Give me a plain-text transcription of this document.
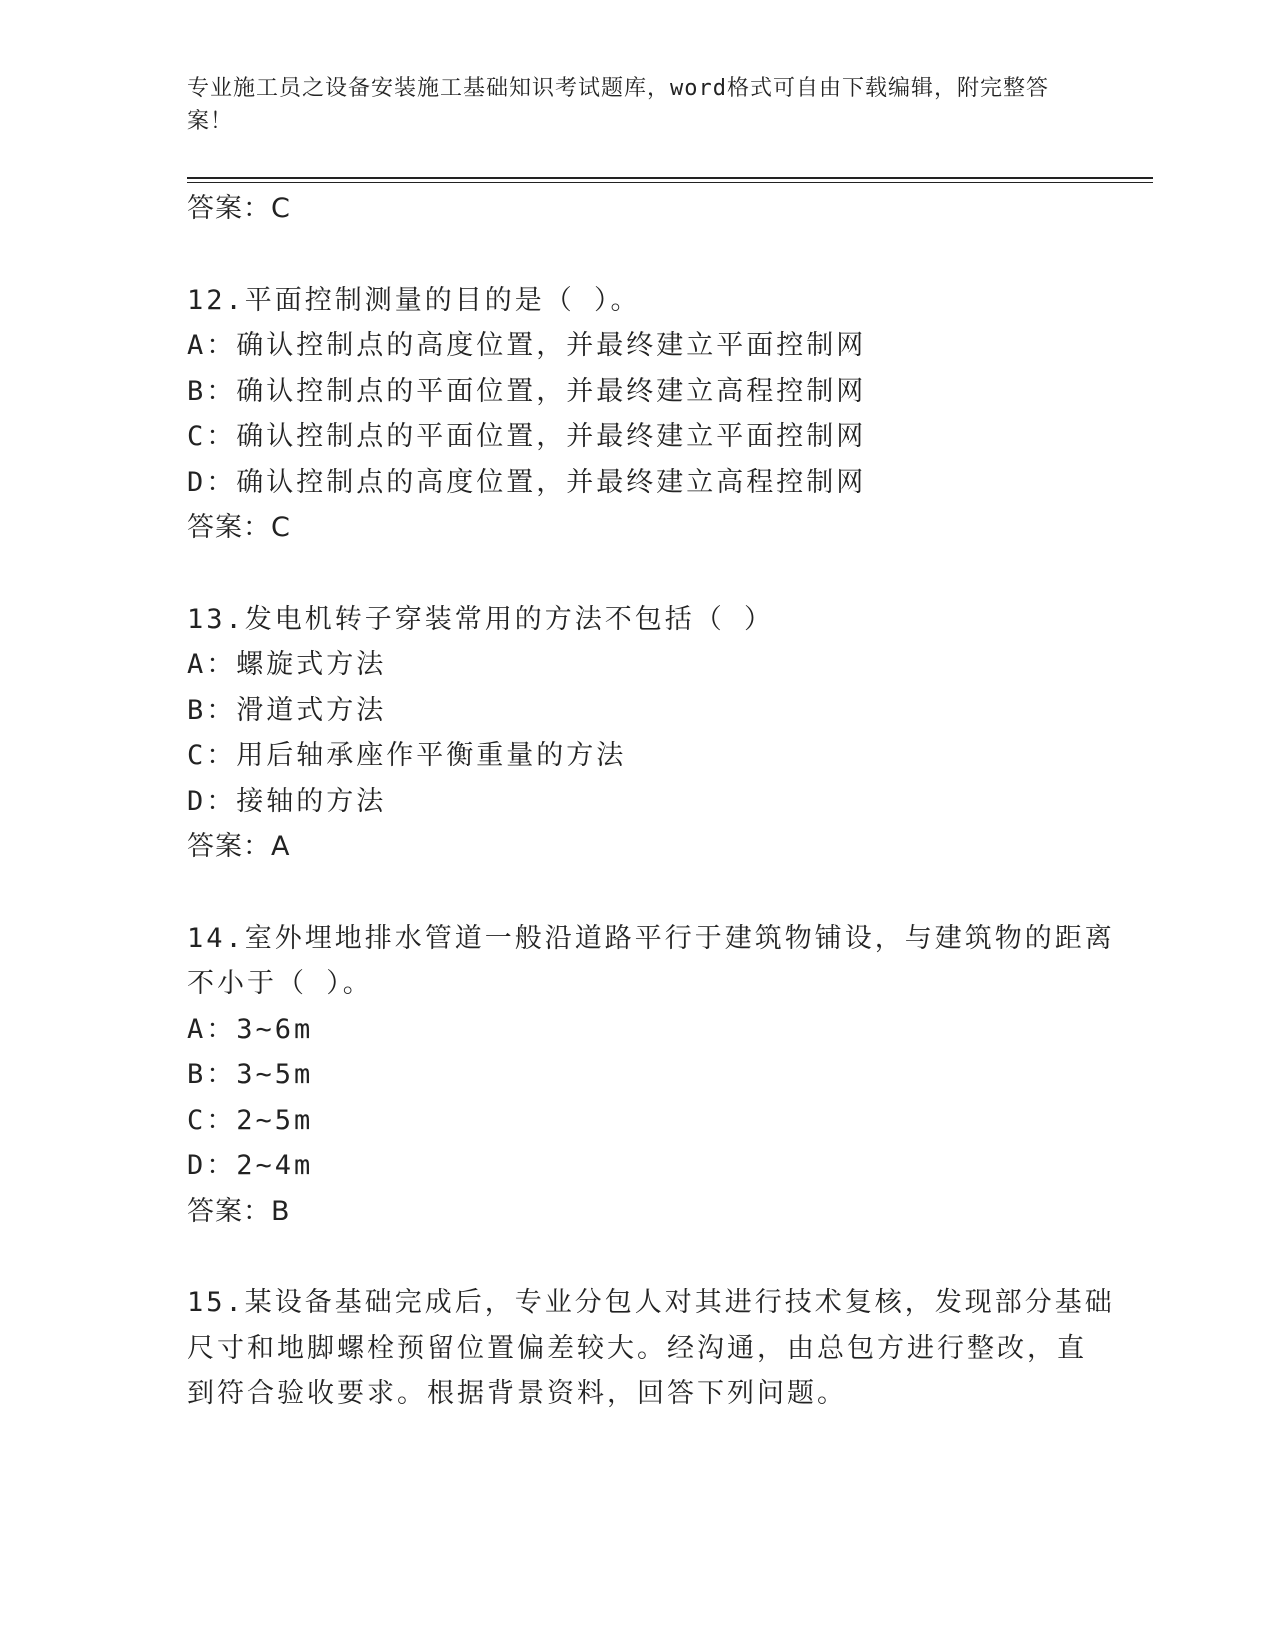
专业施工员之设备安装施工基础知识考试题库，word格式可自由下载编辑，附完整答案！
答案：C
12.平面控制测量的目的是（ ）。
A：确认控制点的高度位置，并最终建立平面控制网
B：确认控制点的平面位置，并最终建立高程控制网
C：确认控制点的平面位置，并最终建立平面控制网
D：确认控制点的高度位置，并最终建立高程控制网
答案：C
13.发电机转子穿装常用的方法不包括（ ）
A：螺旋式方法
B：滑道式方法
C：用后轴承座作平衡重量的方法
D：接轴的方法
答案：A
14.室外埋地排水管道一般沿道路平行于建筑物铺设，与建筑物的距离
不小于（ ）。
A：3~6m
B：3~5m
C：2~5m
D：2~4m
答案：B
15.某设备基础完成后，专业分包人对其进行技术复核，发现部分基础
尺寸和地脚螺栓预留位置偏差较大。经沟通，由总包方进行整改，直
到符合验收要求。根据背景资料，回答下列问题。
